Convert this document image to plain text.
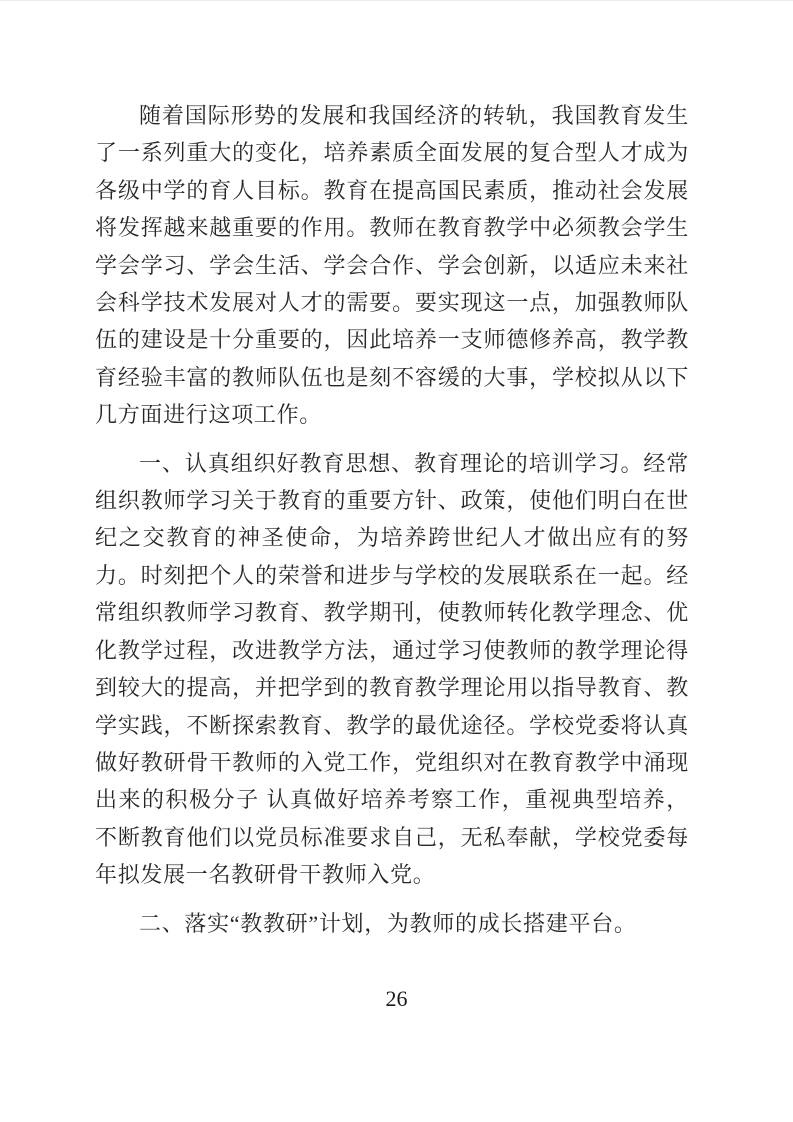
随着国际形势的发展和我国经济的转轨，我国教育发生了一系列重大的变化，培养素质全面发展的复合型人才成为各级中学的育人目标。教育在提高国民素质，推动社会发展将发挥越来越重要的作用。教师在教育教学中必须教会学生学会学习、学会生活、学会合作、学会创新，以适应未来社会科学技术发展对人才的需要。要实现这一点，加强教师队伍的建设是十分重要的，因此培养一支师德修养高，教学教育经验丰富的教师队伍也是刻不容缓的大事，学校拟从以下几方面进行这项工作。

一、认真组织好教育思想、教育理论的培训学习。经常组织教师学习关于教育的重要方针、政策，使他们明白在世纪之交教育的神圣使命，为培养跨世纪人才做出应有的努力。时刻把个人的荣誉和进步与学校的发展联系在一起。经常组织教师学习教育、教学期刊，使教师转化教学理念、优化教学过程，改进教学方法，通过学习使教师的教学理论得到较大的提高，并把学到的教育教学理论用以指导教育、教学实践，不断探索教育、教学的最优途径。学校党委将认真做好教研骨干教师的入党工作，党组织对在教育教学中涌现出来的积极分子 认真做好培养考察工作，重视典型培养，不断教育他们以党员标准要求自己，无私奉献，学校党委每年拟发展一名教研骨干教师入党。

二、落实“教教研”计划，为教师的成长搭建平台。

26
